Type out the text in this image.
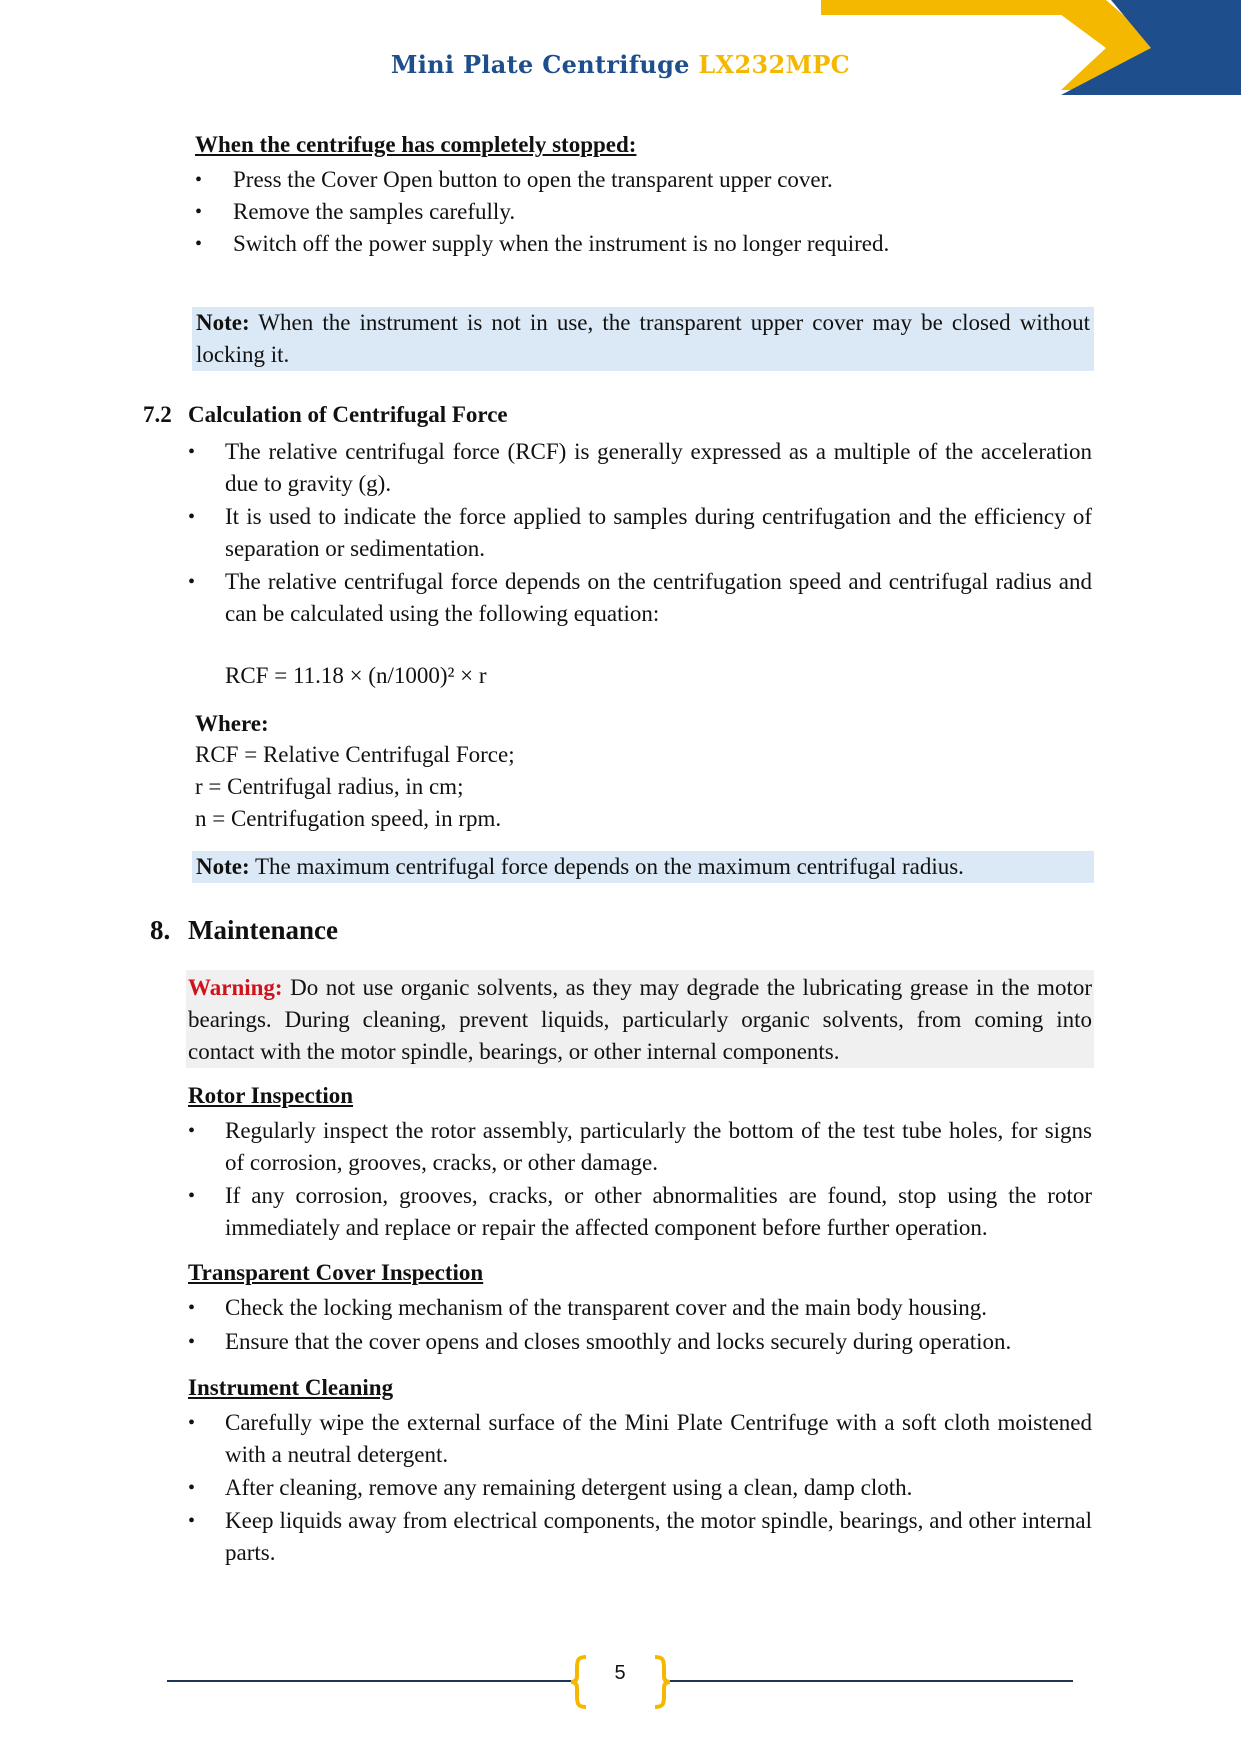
Mini Plate Centrifuge LX232MPC
When the centrifuge has completely stopped:
• Press the Cover Open button to open the transparent upper cover.
• Remove the samples carefully.
• Switch off the power supply when the instrument is no longer required.
Note: When the instrument is not in use, the transparent upper cover may be closed without locking it.
7.2 Calculation of Centrifugal Force
• The relative centrifugal force (RCF) is generally expressed as a multiple of the acceleration due to gravity (g).
• It is used to indicate the force applied to samples during centrifugation and the efficiency of separation or sedimentation.
• The relative centrifugal force depends on the centrifugation speed and centrifugal radius and can be calculated using the following equation:
RCF = 11.18 × (n/1000)² × r
Where:
RCF = Relative Centrifugal Force;
r = Centrifugal radius, in cm;
n = Centrifugation speed, in rpm.
Note: The maximum centrifugal force depends on the maximum centrifugal radius.
8. Maintenance
Warning: Do not use organic solvents, as they may degrade the lubricating grease in the motor bearings. During cleaning, prevent liquids, particularly organic solvents, from coming into contact with the motor spindle, bearings, or other internal components.
Rotor Inspection
• Regularly inspect the rotor assembly, particularly the bottom of the test tube holes, for signs of corrosion, grooves, cracks, or other damage.
• If any corrosion, grooves, cracks, or other abnormalities are found, stop using the rotor immediately and replace or repair the affected component before further operation.
Transparent Cover Inspection
• Check the locking mechanism of the transparent cover and the main body housing.
• Ensure that the cover opens and closes smoothly and locks securely during operation.
Instrument Cleaning
• Carefully wipe the external surface of the Mini Plate Centrifuge with a soft cloth moistened with a neutral detergent.
• After cleaning, remove any remaining detergent using a clean, damp cloth.
• Keep liquids away from electrical components, the motor spindle, bearings, and other internal parts.
5
